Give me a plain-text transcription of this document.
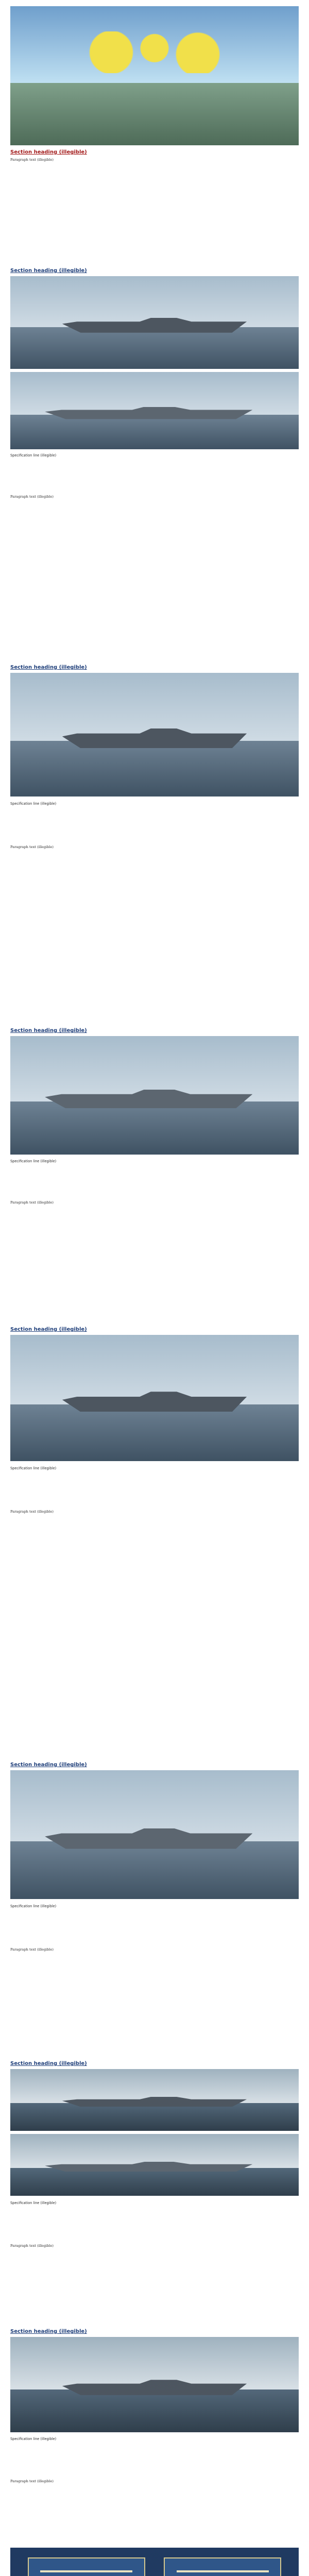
Section heading (illegible)
Paragraph text (illegible)
Section heading (illegible)
Specification line (illegible)
Paragraph text (illegible)
Section heading (illegible)
Specification line (illegible)
Paragraph text (illegible)
Section heading (illegible)
Specification line (illegible)
Paragraph text (illegible)
Section heading (illegible)
Specification line (illegible)
Paragraph text (illegible)
Section heading (illegible)
Specification line (illegible)
Paragraph text (illegible)
Section heading (illegible)
Specification line (illegible)
Paragraph text (illegible)
Section heading (illegible)
Specification line (illegible)
Paragraph text (illegible)
